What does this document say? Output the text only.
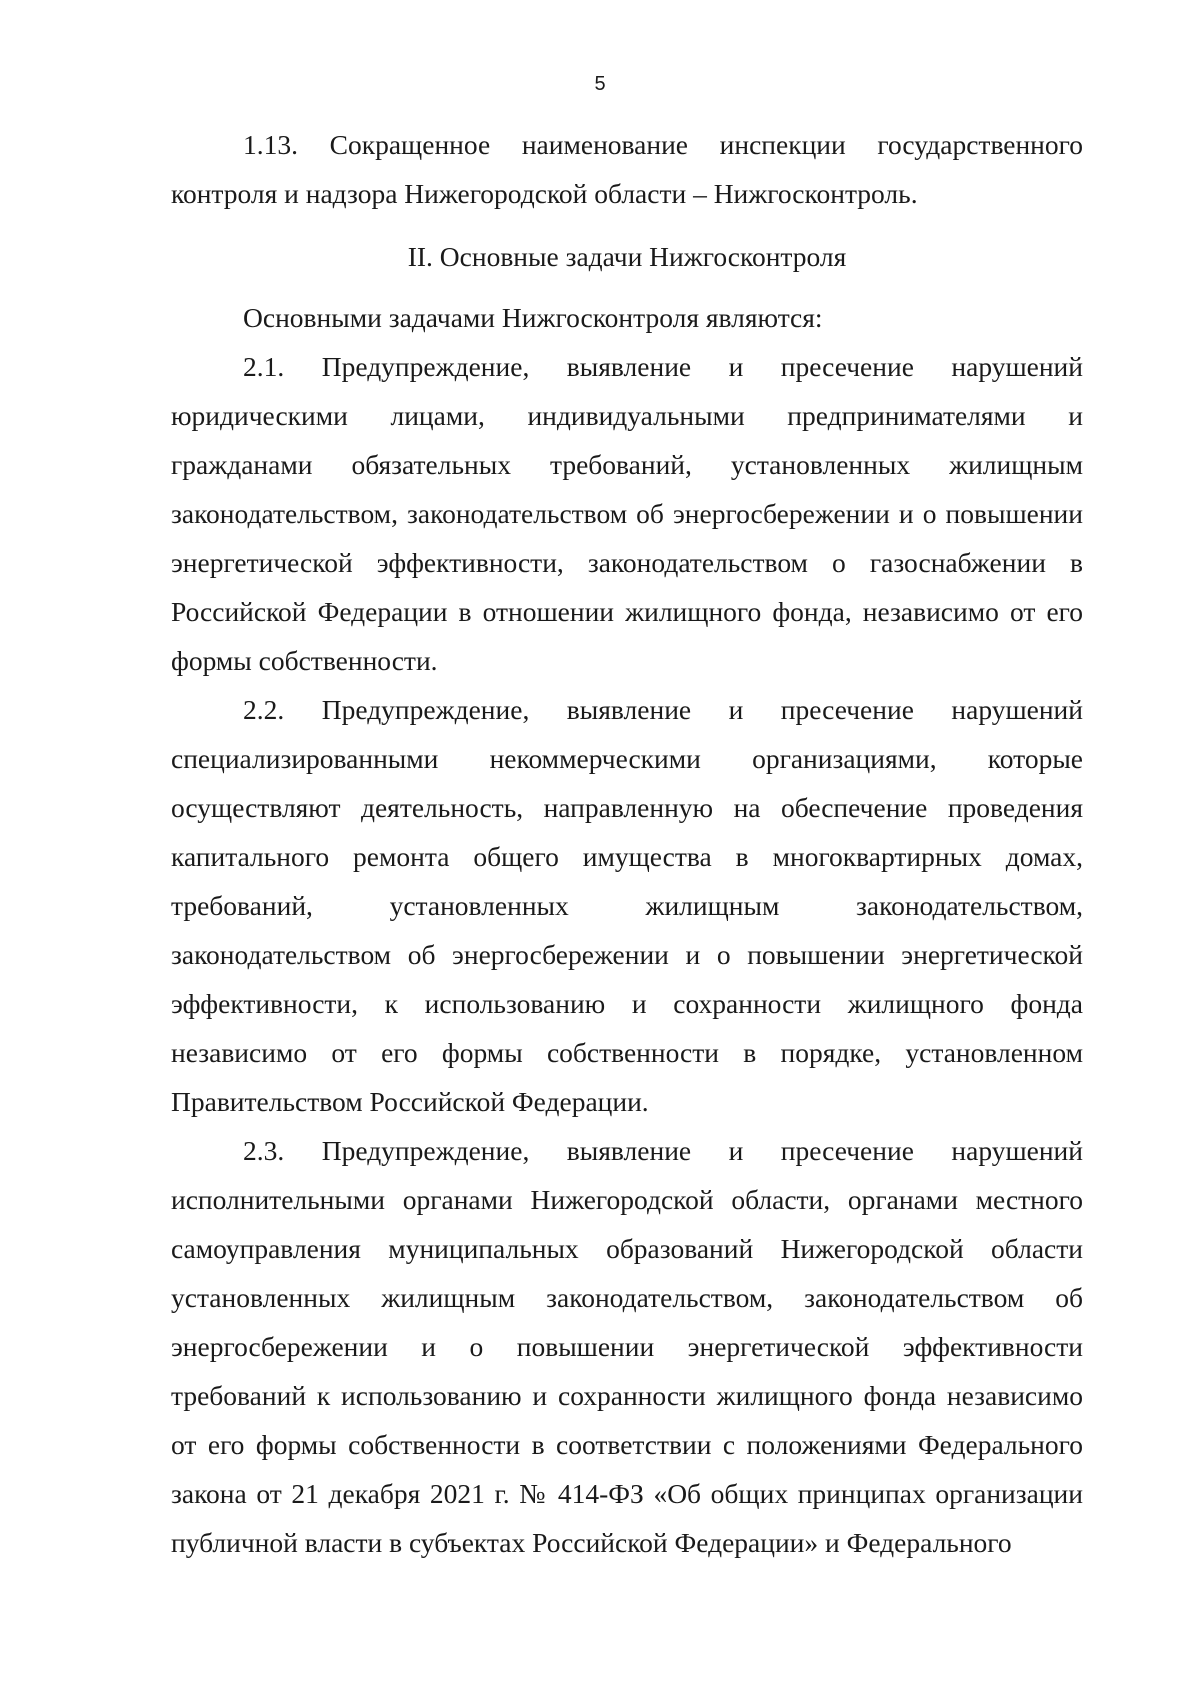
5

1.13. Сокращенное наименование инспекции государственного контроля и надзора Нижегородской области – Нижгосконтроль.

II. Основные задачи Нижгосконтроля

Основными задачами Нижгосконтроля являются:

2.1. Предупреждение, выявление и пресечение нарушений юридическими лицами, индивидуальными предпринимателями и гражданами обязательных требований, установленных жилищным законодательством, законодательством об энергосбережении и о повышении энергетической эффективности, законодательством о газоснабжении в Российской Федерации в отношении жилищного фонда, независимо от его формы собственности.

2.2. Предупреждение, выявление и пресечение нарушений специализированными некоммерческими организациями, которые осуществляют деятельность, направленную на обеспечение проведения капитального ремонта общего имущества в многоквартирных домах, требований, установленных жилищным законодательством, законодательством об энергосбережении и о повышении энергетической эффективности, к использованию и сохранности жилищного фонда независимо от его формы собственности в порядке, установленном Правительством Российской Федерации.

2.3. Предупреждение, выявление и пресечение нарушений исполнительными органами Нижегородской области, органами местного самоуправления муниципальных образований Нижегородской области установленных жилищным законодательством, законодательством об энергосбережении и о повышении энергетической эффективности требований к использованию и сохранности жилищного фонда независимо от его формы собственности в соответствии с положениями Федерального закона от 21 декабря 2021 г. № 414-ФЗ «Об общих принципах организации публичной власти в субъектах Российской Федерации» и Федерального
